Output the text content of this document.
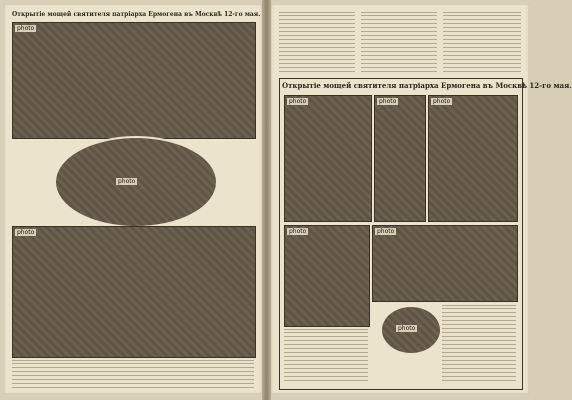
Открытіе мощей святителя патріарха Ермогена въ Москвѣ 12-го мая.
photo
photo
photo
Открытіе мощей святителя патріарха Ермогена въ Москвѣ 12-го мая.
photo	photo	photo
photo	photo
photo
